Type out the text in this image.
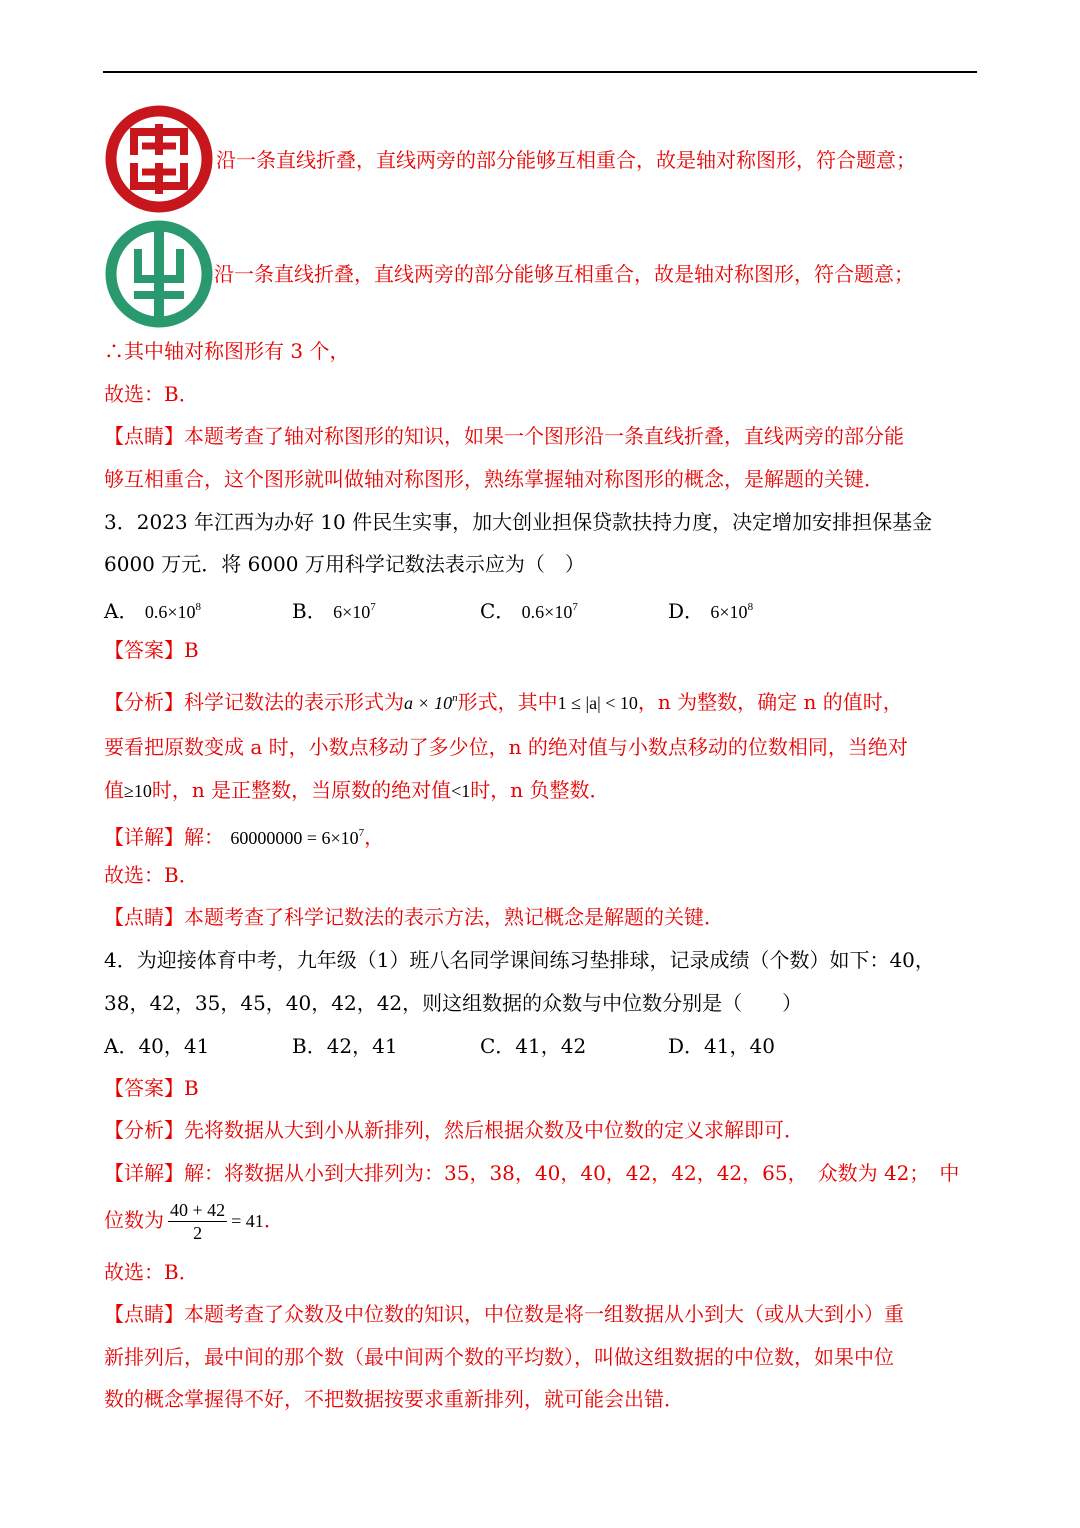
沿一条直线折叠，直线两旁的部分能够互相重合，故是轴对称图形，符合题意；
沿一条直线折叠，直线两旁的部分能够互相重合，故是轴对称图形，符合题意；
∴其中轴对称图形有 3 个，
故选：B．
【点睛】本题考查了轴对称图形的知识，如果一个图形沿一条直线折叠，直线两旁的部分能
够互相重合，这个图形就叫做轴对称图形，熟练掌握轴对称图形的概念，是解题的关键．
3．2023 年江西为办好 10 件民生实事，加大创业担保贷款扶持力度，决定增加安排担保基金
6000 万元．将 6000 万用科学记数法表示应为（　）
A． $0.6\times 10^8$	B． $6\times 10^7$	C． $0.6\times 10^7$	D． $6\times 10^8$
【答案】B
【分析】科学记数法的表示形式为$a \times 10^n$形式，其中1 ≤ |a| < 10，n 为整数，确定 n 的值时，
要看把原数变成 a 时，小数点移动了多少位，n 的绝对值与小数点移动的位数相同，当绝对
值≥10时，n 是正整数，当原数的绝对值<1时，n 负整数．
【详解】解： $60000000 = 6\times 10^7$，
故选：B．
【点睛】本题考查了科学记数法的表示方法，熟记概念是解题的关键．
4．为迎接体育中考，九年级（1）班八名同学课间练习垫排球，记录成绩（个数）如下：40，
38，42，35，45，40，42，42，则这组数据的众数与中位数分别是（　　）
A．40，41	B．42，41	C．41，42	D．41，40
【答案】B
【分析】先将数据从大到小从新排列，然后根据众数及中位数的定义求解即可．
【详解】解：将数据从小到大排列为：35，38，40，40，42，42，42，65，　众数为 42；　中
位数为 $\frac{40 + 42}{2} = 41$．
故选：B．
【点睛】本题考查了众数及中位数的知识，中位数是将一组数据从小到大（或从大到小）重
新排列后，最中间的那个数（最中间两个数的平均数），叫做这组数据的中位数，如果中位
数的概念掌握得不好，不把数据按要求重新排列，就可能会出错．
